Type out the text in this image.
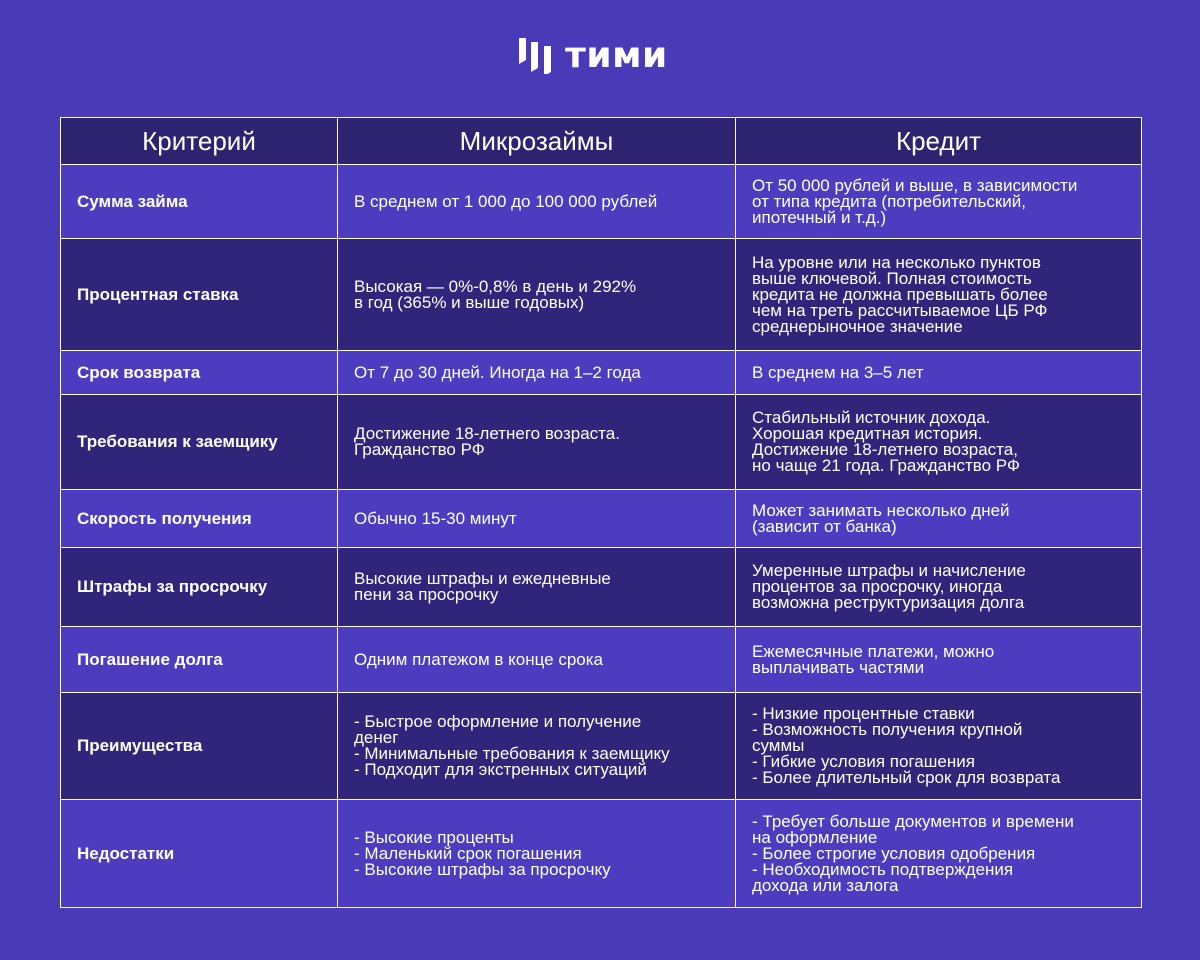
тими
Критерий	Микрозаймы	Кредит
Сумма займа	В среднем от 1 000 до 100 000 рублей	От 50 000 рублей и выше, в зависимости
от типа кредита (потребительский,
ипотечный и т.д.)

Процентная ставка	Высокая — 0%-0,8% в день и 292%
в год (365% и выше годовых)	На уровне или на несколько пунктов
выше ключевой. Полная стоимость
кредита не должна превышать более
чем на треть рассчитываемое ЦБ РФ
среднерыночное значение

Срок возврата	От 7 до 30 дней. Иногда на 1–2 года	В среднем на 3–5 лет

Требования к заемщику	Достижение 18-летнего возраста.
Гражданство РФ	Стабильный источник дохода.
Хорошая кредитная история.
Достижение 18-летнего возраста,
но чаще 21 года. Гражданство РФ

Скорость получения	Обычно 15-30 минут	Может занимать несколько дней
(зависит от банка)

Штрафы за просрочку	Высокие штрафы и ежедневные
пени за просрочку	Умеренные штрафы и начисление
процентов за просрочку, иногда
возможна реструктуризация долга

Погашение долга	Одним платежом в конце срока	Ежемесячные платежи, можно
выплачивать частями

Преимущества	- Быстрое оформление и получение
денег
- Минимальные требования к заемщику
- Подходит для экстренных ситуаций	- Низкие процентные ставки
- Возможность получения крупной
суммы
- Гибкие условия погашения
- Более длительный срок для возврата

Недостатки	- Высокие проценты
- Маленький срок погашения
- Высокие штрафы за просрочку	- Требует больше документов и времени
на оформление
- Более строгие условия одобрения
- Необходимость подтверждения
дохода или залога
